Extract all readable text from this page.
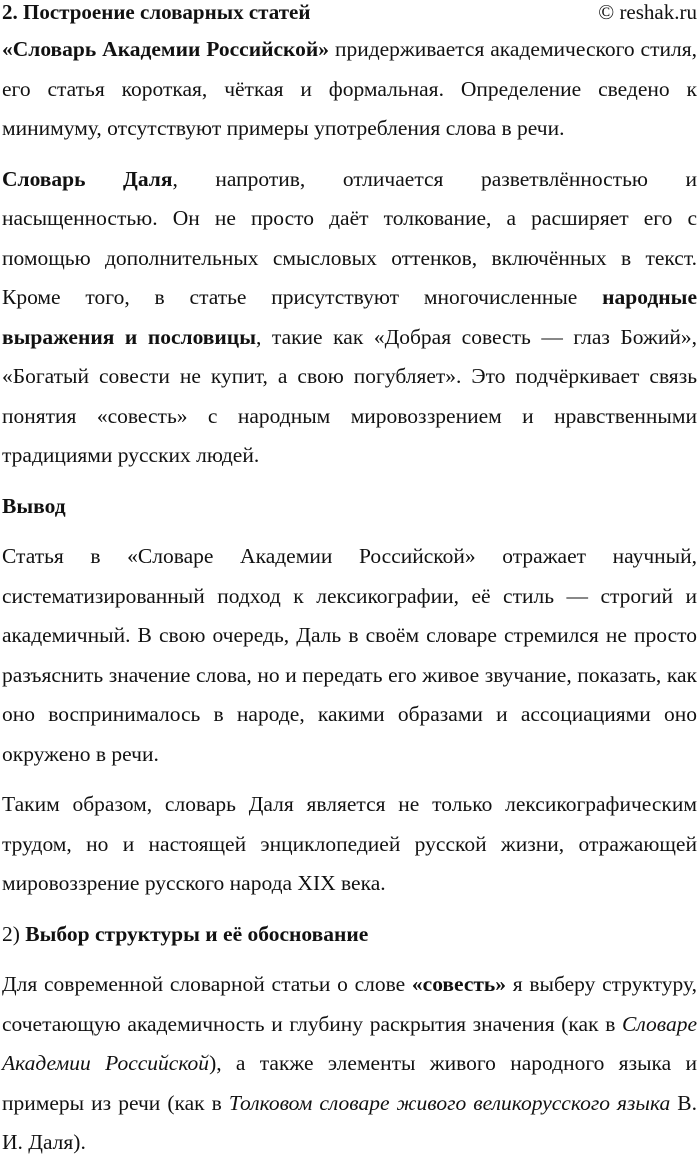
2. Построение словарных статей	© reshak.ru

«Словарь Академии Российской» придерживается академического стиля, его статья короткая, чёткая и формальная. Определение сведено к минимуму, отсутствуют примеры употребления слова в речи.

Словарь Даля, напротив, отличается разветвлённостью и насыщенностью. Он не просто даёт толкование, а расширяет его с помощью дополнительных смысловых оттенков, включённых в текст. Кроме того, в статье присутствуют многочисленные народные выражения и пословицы, такие как «Добрая совесть — глаз Божий», «Богатый совести не купит, а свою погубляет». Это подчёркивает связь понятия «совесть» с народным мировоззрением и нравственными традициями русских людей.

Вывод

Статья в «Словаре Академии Российской» отражает научный, систематизированный подход к лексикографии, её стиль — строгий и академичный. В свою очередь, Даль в своём словаре стремился не просто разъяснить значение слова, но и передать его живое звучание, показать, как оно воспринималось в народе, какими образами и ассоциациями оно окружено в речи.

Таким образом, словарь Даля является не только лексикографическим трудом, но и настоящей энциклопедией русской жизни, отражающей мировоззрение русского народа XIX века.

2) Выбор структуры и её обоснование

Для современной словарной статьи о слове «совесть» я выберу структуру, сочетающую академичность и глубину раскрытия значения (как в Словаре Академии Российской), а также элементы живого народного языка и примеры из речи (как в Толковом словаре живого великорусского языка В. И. Даля).
